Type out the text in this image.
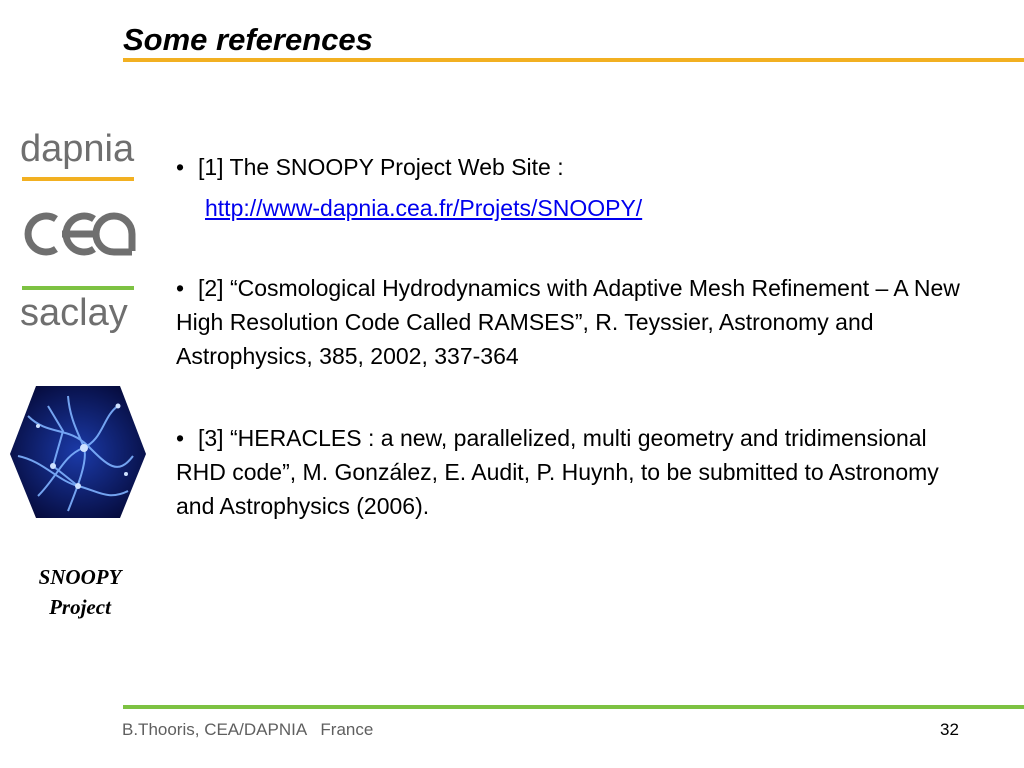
Some references
dapnia
saclay
SNOOPY
Project
• [1] The SNOOPY Project Web Site :
http://www-dapnia.cea.fr/Projets/SNOOPY/
• [2] “Cosmological Hydrodynamics with Adaptive Mesh Refinement – A New High Resolution Code Called RAMSES”, R. Teyssier, Astronomy and Astrophysics, 385, 2002, 337-364
• [3] “HERACLES : a new, parallelized, multi geometry and tridimensional RHD code”, M. González, E. Audit, P. Huynh, to be submitted to Astronomy and Astrophysics (2006).
B.Thooris, CEA/DAPNIA   France	32
